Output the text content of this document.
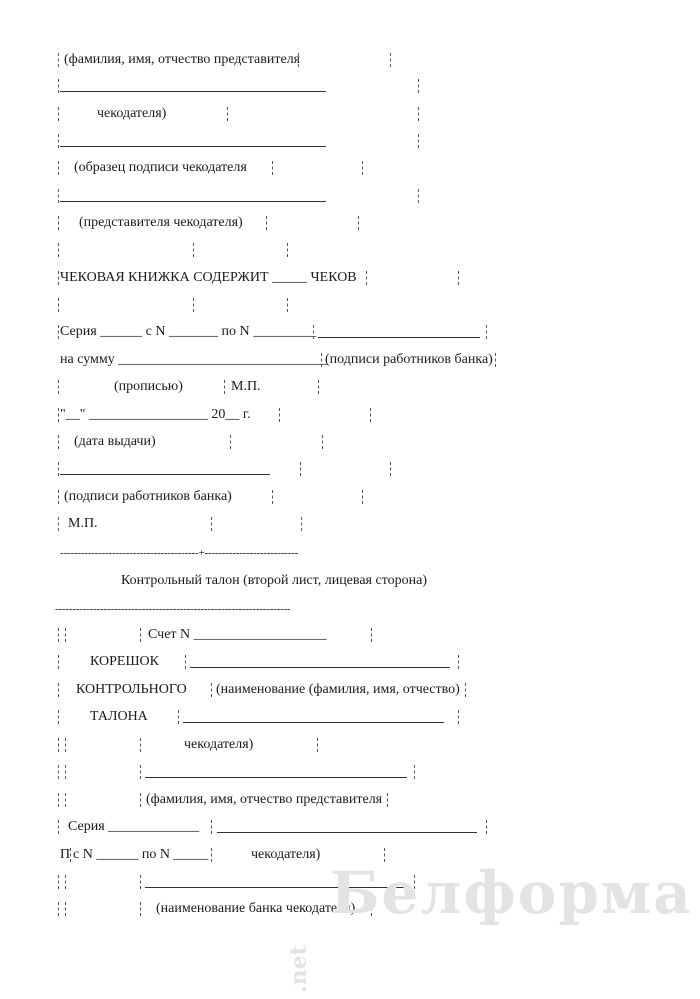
(фамилия, имя, отчество представителя
чекодателя)
(образец подписи чекодателя
(представителя чекодателя)
ЧЕКОВАЯ КНИЖКА СОДЕРЖИТ _____ ЧЕКОВ
Серия ______ с N _______ по N _________
на сумму ______________________________
(подписи работников банка)
(прописью)	М.П.
"__" _________________ 20__ г.
(дата выдачи)
(подписи работников банка)
М.П.
----------------------------------------+---------------------------
Контрольный талон (второй лист, лицевая сторона)
--------------------------------------------------------------------
Счет N ___________________
КОРЕШОК
КОНТРОЛЬНОГО (наименование (фамилия, имя, отчество)
ТАЛОНА
чекодателя)
(фамилия, имя, отчество представителя
Серия _____________
П с N ______ по N _____	чекодателя)
(наименование банка чекодателя)
Белформа.net
